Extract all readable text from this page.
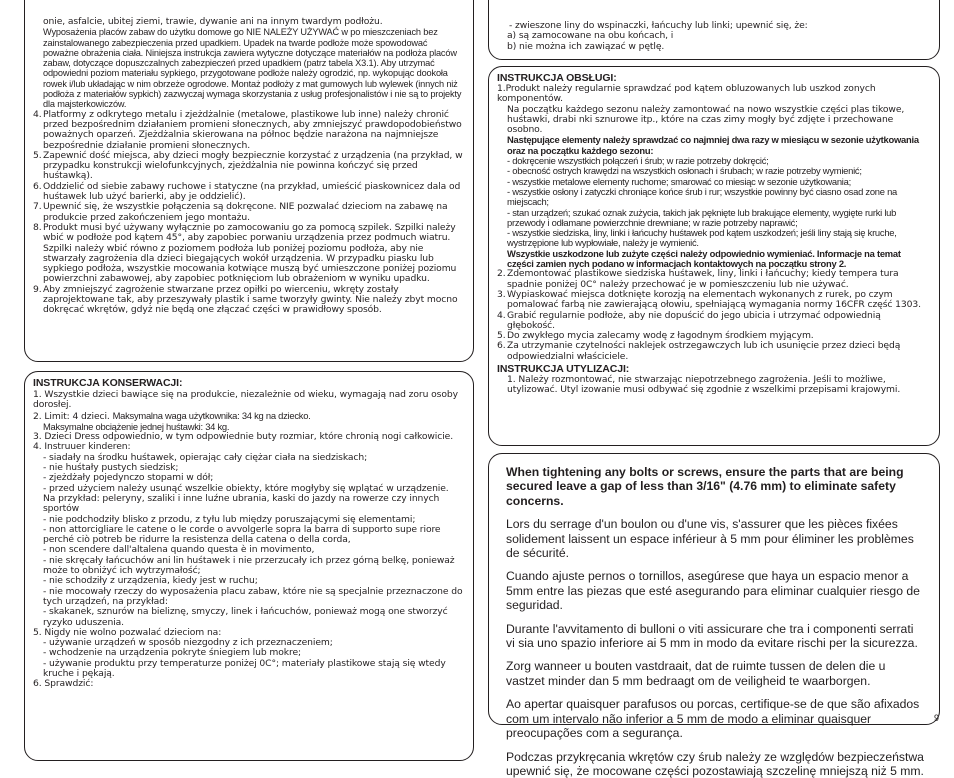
onie, asfalcie, ubitej ziemi, trawie, dywanie ani na innym twardym podłożu.

Wyposażenia placów zabaw do użytku domowe go NIE NALEŻY UŻYWAĆ w po mieszczeniach bez zainstalowanego zabezpieczenia przed upadkiem. Upadek na twarde podłoże może spowodować poważne obrażenia ciała. Niniejsza instrukcja zawiera wytyczne dotyczące materiałów na podłoża placów zabaw, dotyczące dopuszczalnych zabezpieczeń przed upadkiem (patrz tabela X3.1). Aby utrzymać odpowiedni poziom materiału sypkiego, przygotowane podłoże należy ogrodzić, np. wykopując dookoła rowek i/lub układając w nim obrzeże ogrodowe. Montaż podłoży z mat gumowych lub wylewek (innych niż podłoża z materiałów sypkich) zazwyczaj wymaga skorzystania z usług profesjonalistów i nie są to projekty dla majsterkowiczów.

4. Platformy z odkrytego metalu i zjeżdżalnie (metalowe, plastikowe lub inne) należy chronić przed bezpośrednim działaniem promieni słonecznych, aby zmniejszyć prawdopodobieństwo poważnych oparzeń. Zjeżdżalnia skierowana na północ będzie narażona na najmniejsze bezpośrednie działanie promieni słonecznych.
5. Zapewnić dość miejsca, aby dzieci mogły bezpiecznie korzystać z urządzenia (na przykład, w przypadku konstrukcji wielofunkcyjnych, zjeżdżalnia nie powinna kończyć się przed huśtawką).
6. Oddzielić od siebie zabawy ruchowe i statyczne (na przykład, umieścić piaskownicez dala od huśtawek lub użyć barierki, aby je oddzielić).
7. Upewnić się, że wszystkie połączenia są dokręcone. NIE pozwalać dzieciom na zabawę na produkcie przed zakończeniem jego montażu.
8. Produkt musi być używany wyłącznie po zamocowaniu go za pomocą szpilek. Szpilki należy wbić w podłoże pod kątem 45°, aby zapobiec porwaniu urządzenia przez podmuch wiatru. Szpilki należy wbić równo z poziomem podłoża lub poniżej poziomu podłoża, aby nie stwarzały zagrożenia dla dzieci biegających wokół urządzenia. W przypadku piasku lub sypkiego podłoża, wszystkie mocowania kotwiące muszą być umieszczone poniżej poziomu powierzchni zabawowej, aby zapobiec potknięciom lub obrażeniom w wyniku upadku.
9. Aby zmniejszyć zagrożenie stwarzane przez opiłki po wierceniu, wkręty zostały zaprojektowane tak, aby przeszywały plastik i same tworzyły gwinty. Nie należy zbyt mocno dokręcać wkrętów, gdyż nie będą one złączać części w prawidłowy sposób.

INSTRUKCJA KONSERWACJI:

1. Wszystkie dzieci bawiące się na produkcie, niezależnie od wieku, wymagają nad zoru osoby dorosłej.

2. Limit: 4 dzieci. Maksymalna waga użytkownika: 34 kg na dziecko.

Maksymalne obciążenie jednej huśtawki: 34 kg.

3. Dzieci Dress odpowiednio, w tym odpowiednie buty rozmiar, które chronią nogi całkowicie.

4. Instruuer kinderen:

- siadały na środku huśtawek, opierając cały ciężar ciała na siedziskach;

- nie huśtały pustych siedzisk;

- zjeżdżały pojedynczo stopami w dół;

- przed użyciem należy usunąć wszelkie obiekty, które mogłyby się wplątać w urządzenie. Na przykład: peleryny, szaliki i inne luźne ubrania, kaski do jazdy na rowerze czy innych sportów

- nie podchodziły blisko z przodu, z tyłu lub między poruszającymi się elementami;

- non attorcigliare le catene o le corde o avvolgerle sopra la barra di supporto supe riore perché ciò potreb be ridurre la resistenza della catena o della corda,

- non scendere dall'altalena quando questa è in movimento,

- nie skręcały łańcuchów ani lin huśtawek i nie przerzucały ich przez górną belkę, ponieważ może to obniżyć ich wytrzymałość;

- nie schodziły z urządzenia, kiedy jest w ruchu;

- nie mocowały rzeczy do wyposażenia placu zabaw, które nie są specjalnie przeznaczone do tych urządzeń, na przykład:

- skakanek, sznurów na bieliznę, smyczy, linek i łańcuchów, ponieważ mogą one stworzyć ryzyko uduszenia.

5. Nigdy nie wolno pozwalać dzieciom na:

- używanie urządzeń w sposób niezgodny z ich przeznaczeniem;

- wchodzenie na urządzenia pokryte śniegiem lub mokre;

- używanie produktu przy temperaturze poniżej 0C°; materiały plastikowe stają się wtedy kruche i pękają.

6. Sprawdzić:

- zwieszone liny do wspinaczki, łańcuchy lub linki; upewnić się, że:

a) są zamocowane na obu końcach, i

b) nie można ich zawiązać w pętlę.

INSTRUKCJA OBSŁUGI:

1.Produkt należy regularnie sprawdzać pod kątem obluzowanych lub uszkod zonych komponentów.

Na początku każdego sezonu należy zamontować na nowo wszystkie części plas tikowe, huśtawki, drabi nki sznurowe itp., które na czas zimy mogły być zdjęte i przechowane osobno.

Następujące elementy należy sprawdzać co najmniej dwa razy w miesiącu w sezonie użytkowania oraz na początku każdego sezonu:

- dokręcenie wszystkich połączeń i śrub; w razie potrzeby dokręcić;

- obecność ostrych krawędzi na wszystkich osłonach i śrubach; w razie potrzeby wymienić;

- wszystkie metalowe elementy ruchome; smarować co miesiąc w sezonie użytkowania;

- wszystkie osłony i zatyczki chroniące końce śrub i rur; wszystkie powinny być ciasno osad zone na miejscach;

- stan urządzeń; szukać oznak zużycia, takich jak pęknięte lub brakujące elementy, wygięte rurki lub przewody i odłamane powierzchnie drewniane; w razie potrzeby naprawić;

- wszystkie siedziska, liny, linki i łańcuchy huśtawek pod kątem uszkodzeń; jeśli liny stają się kruche, wystrzępione lub wypłowiałe, należy je wymienić.

Wszystkie uszkodzone lub zużyte części należy odpowiednio wymieniać. Informacje na temat części zamien nych podano w informacjach kontaktowych na początku strony 2.

2. Zdemontować plastikowe siedziska huśtawek, liny, linki i łańcuchy; kiedy tempera tura spadnie poniżej 0C° należy przechować je w pomieszczeniu lub nie używać.
3. Wypiaskować miejsca dotknięte korozją na elementach wykonanych z rurek, po czym pomalować farbą nie zawierającą ołowiu, spełniającą wymagania normy 16CFR część 1303.
4. Grabić regularnie podłoże, aby nie dopuścić do jego ubicia i utrzymać odpowiednią głębokość.
5. Do zwykłego mycia zalecamy wodę z łagodnym środkiem myjącym.
6. Za utrzymanie czytelności naklejek ostrzegawczych lub ich usunięcie przez dzieci będą odpowiedzialni właściciele.

INSTRUKCJA UTYLIZACJI:

1. Należy rozmontować, nie stwarzając niepotrzebnego zagrożenia. Jeśli to możliwe, utylizować. Utyl izowanie musi odbywać się zgodnie z wszelkimi przepisami krajowymi.

When tightening any bolts or screws, ensure the parts that are being secured leave a gap of less than 3/16" (4.76 mm) to eliminate safety concerns.

Lors du serrage d'un boulon ou d'une vis, s'assurer que les pièces fixées solidement laissent un espace inférieur à 5 mm pour éliminer les problèmes de sécurité.

Cuando ajuste pernos o tornillos, asegúrese que haya un espacio menor a 5mm entre las piezas que esté asegurando para eliminar cualquier riesgo de seguridad.

Durante l'avvitamento di bulloni o viti assicurare che tra i componenti serrati vi sia uno spazio inferiore ai 5 mm in modo da evitare rischi per la sicurezza.

Zorg wanneer u bouten vastdraait, dat de ruimte tussen de delen die u vastzet minder dan 5 mm bedraagt om de veiligheid te waarborgen.

Ao apertar quaisquer parafusos ou porcas, certifique-se de que são afixados com um intervalo não inferior a 5 mm de modo a eliminar quaisquer preocupações com a segurança.

Podczas przykręcania wkrętów czy śrub należy ze względów bezpieczeństwa upewnić się, że mocowane części pozostawiają szczelinę mniejszą niż 5 mm.

9
